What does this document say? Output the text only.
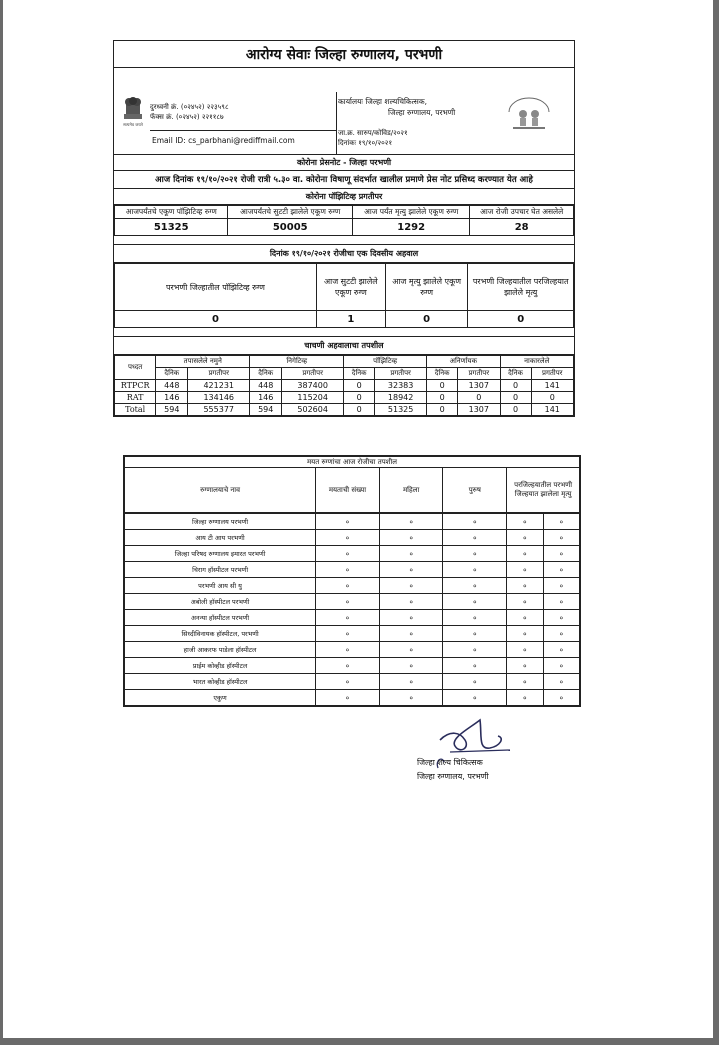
आरोग्य सेवाः जिल्हा रुग्णालय, परभणी
सत्यमेव जयते
दुरध्वनी क्रं. (०२४५२) २२३५९८
फॅक्स क्रं. (०२४५२) २२११८७
कार्यालयः जिल्हा शल्यचिकित्सक,
जिल्हा रुग्णालय, परभणी
Email ID: cs_parbhani@rediffmail.com
जा.क्र. सारुप/कोविड/२०२१
दिनांकः १९/१०/२०२१
कोरोना प्रेसनोट - जिल्हा परभणी
आज दिनांक १९/१०/२०२१ रोजी रात्री ५.३० वा. कोरोना विषाणू संदर्भात खालील प्रमाणे प्रेस नोट प्रसिध्द करण्यात येत आहे
कोरोना पॉझिटिव्ह प्रगतीपर
आजपर्यंतचे एकूण पॉझिटिव्ह रुग्ण	आजपर्यंतचे सुटटी झालेले एकूण रुग्ण	आज पर्यंत मृत्यु झालेले एकूण रुग्ण	आज रोजी उपचार घेत असलेले
51325	50005	1292	28
दिनांक १९/१०/२०२१ रोजीचा एक दिवसीय अहवाल
परभणी जिल्हातील पॉझिटिव्ह रुग्ण	आज सुटटी झालेले एकूण रुग्ण	आज मृत्यु झालेले एकूण रुग्ण	परभणी जिल्हयातील परजिल्हयात झालेले मृत्यु
0	1	0	0
चाचणी अहवालाचा तपशील
पध्दत	तपासलेले नमुने		निगेटिव्ह		पॉझिटिव्ह		अनिर्णायक		नाकारलेले	
	दैनिक	प्रगतीपर	दैनिक	प्रगतीपर	दैनिक	प्रगतीपर	दैनिक	प्रगतीपर	दैनिक	प्रगतीपर
RTPCR	448	421231	448	387400	0	32383	0	1307	0	141
RAT	146	134146	146	115204	0	18942	0	0	0	0
Total	594	555377	594	502604	0	51325	0	1307	0	141
मयत रुग्णांचा आज रोजीचा तपशील
रुग्णालयाचे नाव	मयताची संख्या	महिला	पुरुष	परजिल्हयातील परभणी जिल्हयात झालेला मृत्यु
जिल्हा रुग्णालय परभणी	०	०	०	०	०
आय टी आय परभणी	०	०	०	०	०
जिल्हा परिषद रुग्णालय इमारत परभणी	०	०	०	०	०
चिराग हॉस्पीटल परभणी	०	०	०	०	०
परभणी आय सी यु	०	०	०	०	०
अबोली हॉस्पीटल परभणी	०	०	०	०	०
अनन्या हॉस्पीटल परभणी	०	०	०	०	०
सिध्दीविनायक हॉस्पीटल, परभणी	०	०	०	०	०
हाजी आकरफ पाडेला हॉस्पीटल	०	०	०	०	०
प्राईम कोव्हीड हॉस्पीटल	०	०	०	०	०
भारत कोव्हीड हॉस्पीटल	०	०	०	०	०
एकुण	०	०	०	०	०
जिल्हा शल्य चिकित्सक
जिल्हा रुग्णालय, परभणी
